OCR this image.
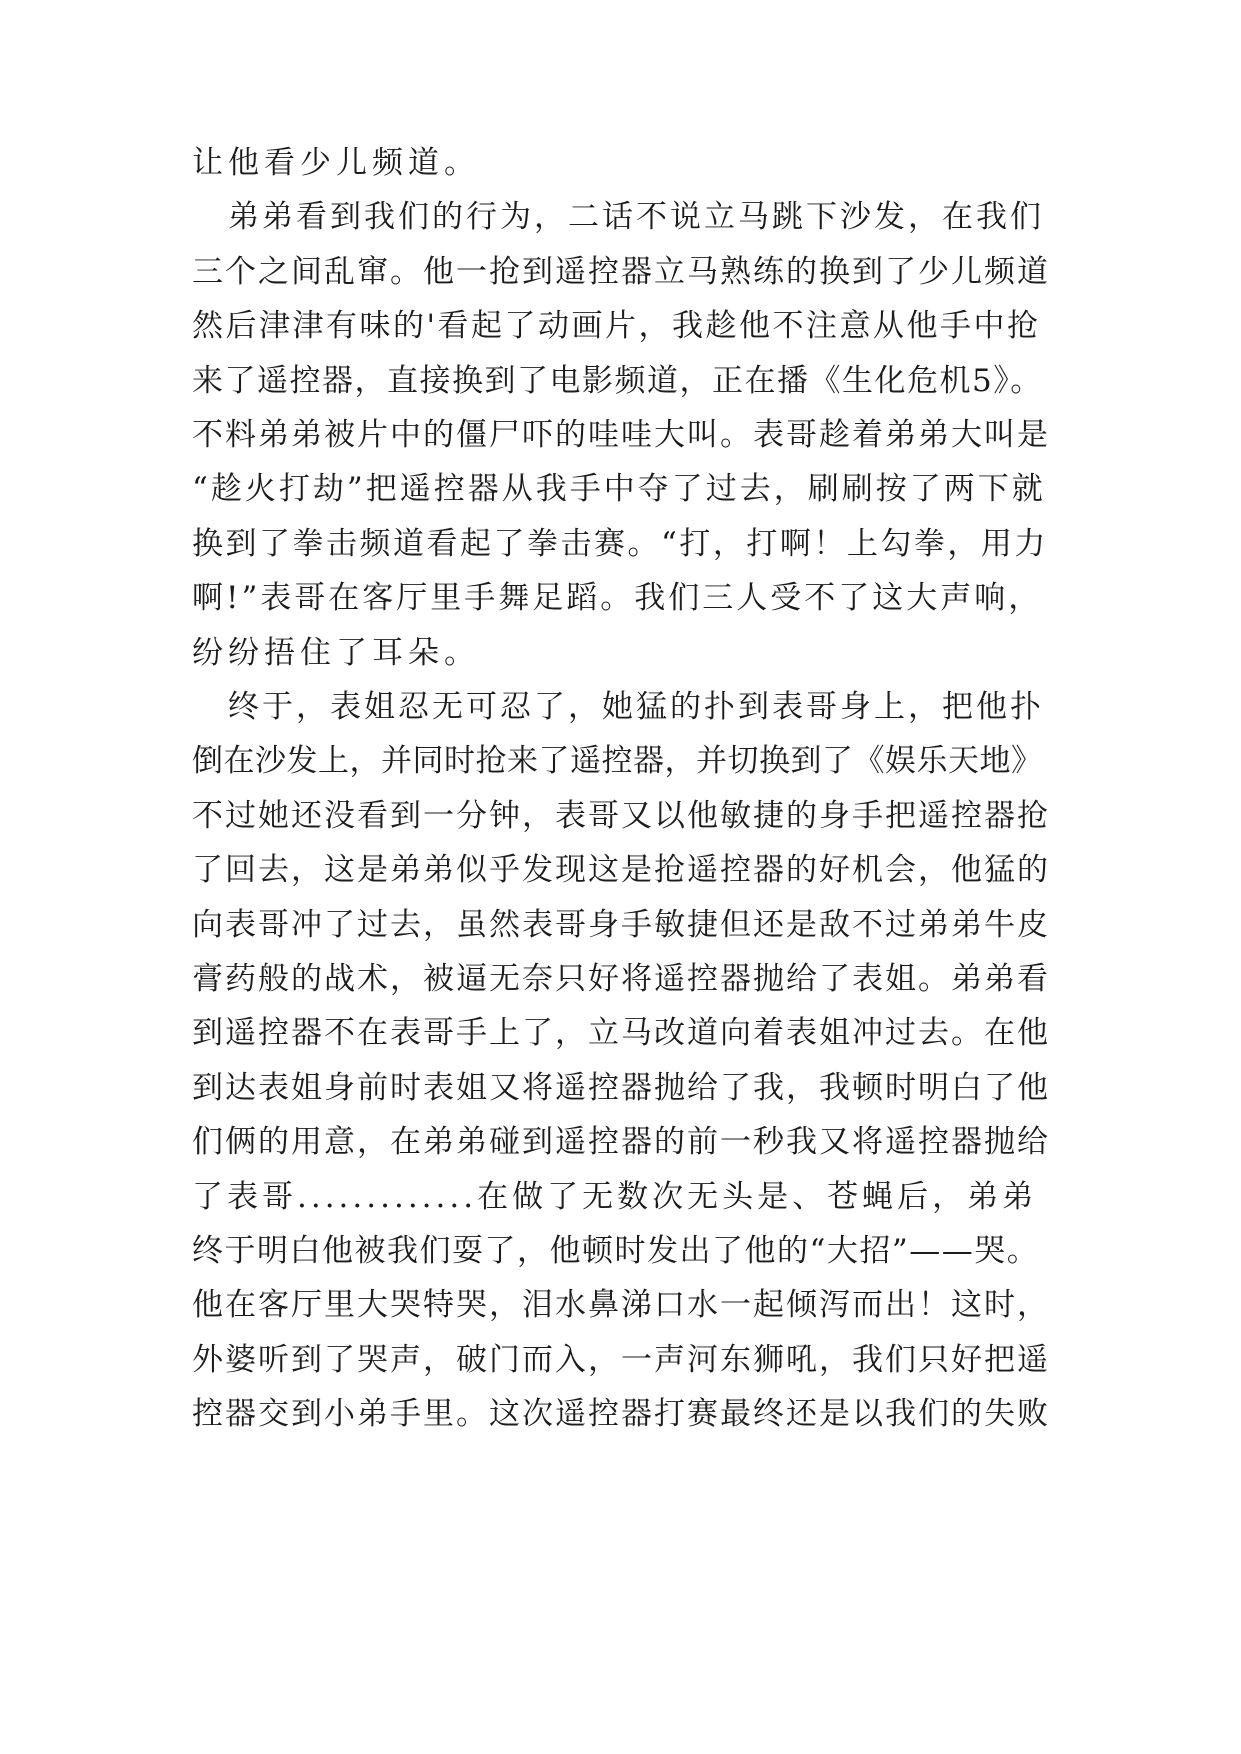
让他看少儿频道。
弟弟看到我们的行为，二话不说立马跳下沙发，在我们
三个之间乱窜。他一抢到遥控器立马熟练的换到了少儿频道
然后津津有味的'看起了动画片，我趁他不注意从他手中抢
来了遥控器，直接换到了电影频道，正在播《生化危机5》。
不料弟弟被片中的僵尸吓的哇哇大叫。表哥趁着弟弟大叫是
“趁火打劫”把遥控器从我手中夺了过去，刷刷按了两下就
换到了拳击频道看起了拳击赛。“打，打啊！上勾拳，用力
啊!”表哥在客厅里手舞足蹈。我们三人受不了这大声响，
纷纷捂住了耳朵。
终于，表姐忍无可忍了，她猛的扑到表哥身上，把他扑
倒在沙发上，并同时抢来了遥控器，并切换到了《娱乐天地》
不过她还没看到一分钟，表哥又以他敏捷的身手把遥控器抢
了回去，这是弟弟似乎发现这是抢遥控器的好机会，他猛的
向表哥冲了过去，虽然表哥身手敏捷但还是敌不过弟弟牛皮
膏药般的战术，被逼无奈只好将遥控器抛给了表姐。弟弟看
到遥控器不在表哥手上了，立马改道向着表姐冲过去。在他
到达表姐身前时表姐又将遥控器抛给了我，我顿时明白了他
们俩的用意，在弟弟碰到遥控器的前一秒我又将遥控器抛给
了表哥.............在做了无数次无头是、苍蝇后，弟弟
终于明白他被我们耍了，他顿时发出了他的“大招”——哭。
他在客厅里大哭特哭，泪水鼻涕口水一起倾泻而出！这时，
外婆听到了哭声，破门而入，一声河东狮吼，我们只好把遥
控器交到小弟手里。这次遥控器打赛最终还是以我们的失败
